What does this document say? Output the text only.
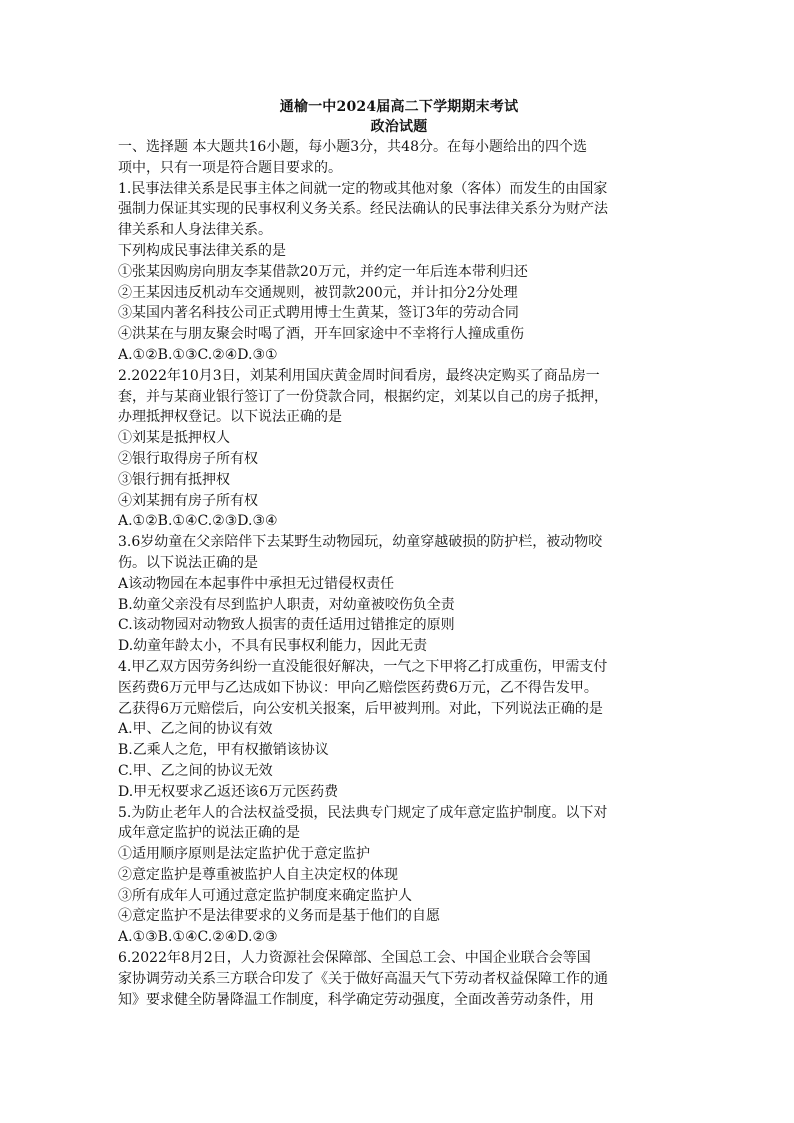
通榆一中2024届高二下学期期末考试
政治试题
一、选择题 本大题共16小题，每小题3分，共48分。在每小题给出的四个选
项中，只有一项是符合题目要求的。
1.民事法律关系是民事主体之间就一定的物或其他对象（客体）而发生的由国家
强制力保证其实现的民事权利义务关系。经民法确认的民事法律关系分为财产法
律关系和人身法律关系。
下列构成民事法律关系的是
①张某因购房向朋友李某借款20万元，并约定一年后连本带利归还
②王某因违反机动车交通规则，被罚款200元，并计扣分2分处理
③某国内著名科技公司正式聘用博士生黄某，签订3年的劳动合同
④洪某在与朋友聚会时喝了酒，开车回家途中不幸将行人撞成重伤
A.①②B.①③C.②④D.③①
2.2022年10月3日，刘某利用国庆黄金周时间看房，最终决定购买了商品房一
套，并与某商业银行签订了一份贷款合同，根据约定，刘某以自己的房子抵押，
办理抵押权登记。以下说法正确的是
①刘某是抵押权人
②银行取得房子所有权
③银行拥有抵押权
④刘某拥有房子所有权
A.①②B.①④C.②③D.③④
3.6岁幼童在父亲陪伴下去某野生动物园玩，幼童穿越破损的防护栏，被动物咬
伤。以下说法正确的是
A该动物园在本起事件中承担无过错侵权责任
B.幼童父亲没有尽到监护人职责，对幼童被咬伤负全责
C.该动物园对动物致人损害的责任适用过错推定的原则
D.幼童年龄太小，不具有民事权利能力，因此无责
4.甲乙双方因劳务纠纷一直没能很好解决，一气之下甲将乙打成重伤，甲需支付
医药费6万元甲与乙达成如下协议：甲向乙赔偿医药费6万元，乙不得告发甲。
乙获得6万元赔偿后，向公安机关报案，后甲被判刑。对此，下列说法正确的是
A.甲、乙之间的协议有效
B.乙乘人之危，甲有权撤销该协议
C.甲、乙之间的协议无效
D.甲无权要求乙返还该6万元医药费
5.为防止老年人的合法权益受损，民法典专门规定了成年意定监护制度。以下对
成年意定监护的说法正确的是
①适用顺序原则是法定监护优于意定监护
②意定监护是尊重被监护人自主决定权的体现
③所有成年人可通过意定监护制度来确定监护人
④意定监护不是法律要求的义务而是基于他们的自愿
A.①③B.①④C.②④D.②③
6.2022年8月2日，人力资源社会保障部、全国总工会、中国企业联合会等国
家协调劳动关系三方联合印发了《关于做好高温天气下劳动者权益保障工作的通
知》要求健全防暑降温工作制度，科学确定劳动强度，全面改善劳动条件，用
